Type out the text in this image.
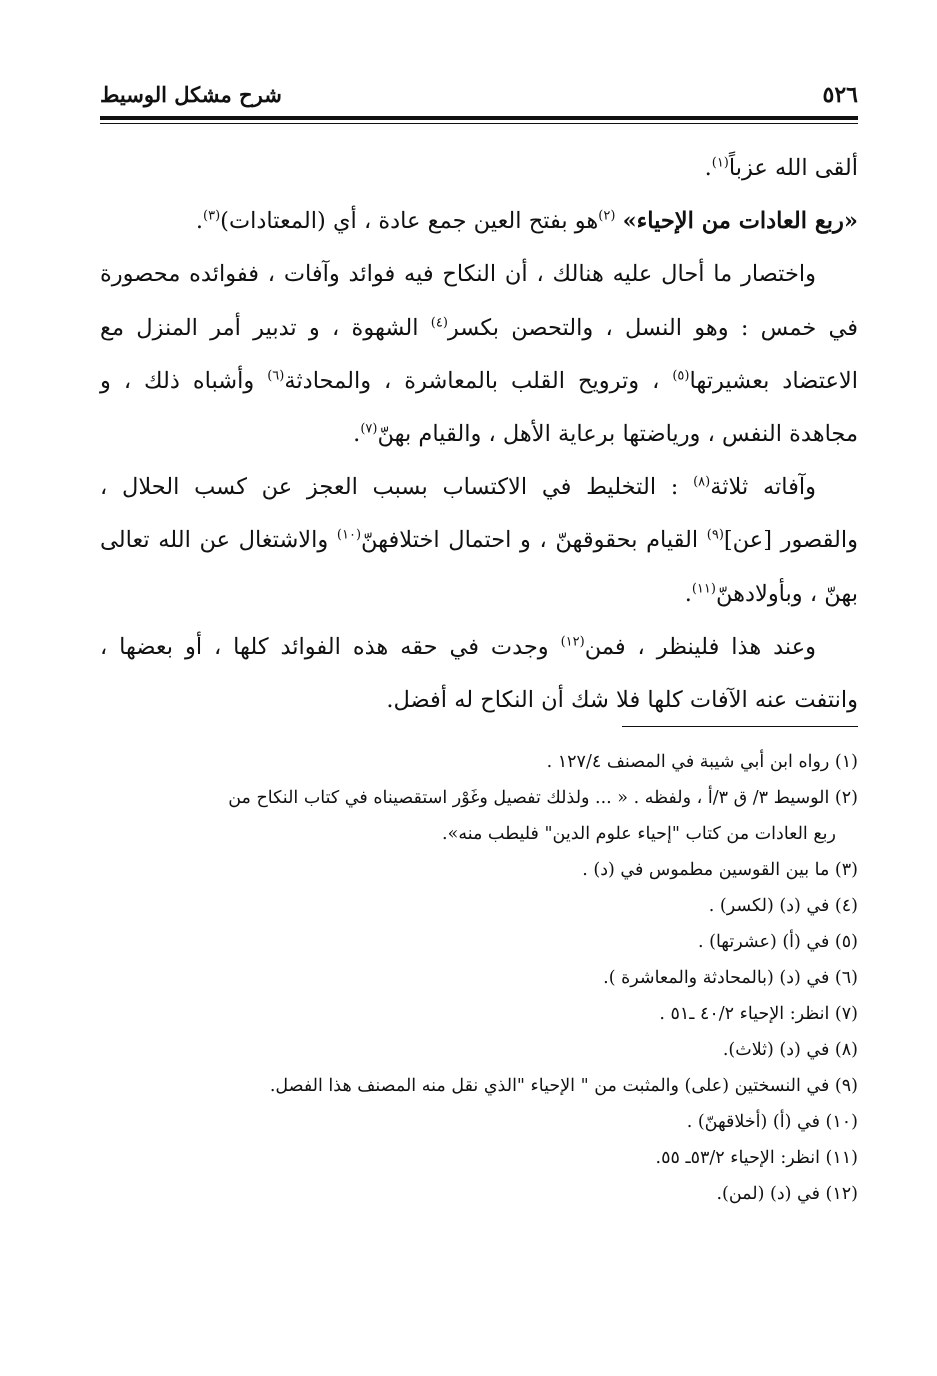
٥٢٦
شرح مشكل الوسيط

ألقى الله عزباً$^{(١)}$.

«ربع العادات من الإحياء» $^{(٢)}$هو بفتح العين جمع عادة ، أي (المعتادات)$^{(٣)}$.

واختصار ما أحال عليه هنالك ، أن النكاح فيه فوائد وآفات ، ففوائده محصورة في خمس : وهو النسل ، والتحصن بكسر$^{(٤)}$ الشهوة ، و تدبير أمر المنزل مع الاعتضاد بعشيرتها$^{(٥)}$ ، وترويح القلب بالمعاشرة ، والمحادثة$^{(٦)}$ وأشباه ذلك ، و مجاهدة النفس ، ورياضتها برعاية الأهل ، والقيام بهنّ$^{(٧)}$.

وآفاته ثلاثة$^{(٨)}$ : التخليط في الاكتساب بسبب العجز عن كسب الحلال ، والقصور [عن]$^{(٩)}$ القيام بحقوقهنّ ، و احتمال اختلافهنّ$^{(١٠)}$ والاشتغال عن الله تعالى بهنّ ، وبأولادهنّ$^{(١١)}$.

وعند هذا فلينظر ، فمن$^{(١٢)}$ وجدت في حقه هذه الفوائد كلها ، أو بعضها ، وانتفت عنه الآفات كلها فلا شك أن النكاح له أفضل.

(١) رواه ابن أبي شيبة في المصنف ١٢٧/٤ .

(٢) الوسيط ٣/ ق ٣/أ ، ولفظه . « ... ولذلك تفصيل وغَوْر استقصيناه في كتاب النكاح من

ربع العادات من كتاب "إحياء علوم الدين" فليطب منه».

(٣) ما بين القوسين مطموس في (د) .

(٤) في (د) (لكسر) .

(٥) في (أ) (عشرتها) .

(٦) في (د) (بالمحادثة والمعاشرة ).

(٧) انظر: الإحياء ٤٠/٢ ـ٥١ .

(٨) في (د) (ثلاث).

(٩) في النسختين (على) والمثبت من " الإحياء "الذي نقل منه المصنف هذا الفصل.

(١٠) في (أ) (أخلاقهنّ) .

(١١) انظر: الإحياء ٥٣/٢ـ ٥٥.

(١٢) في (د) (لمن).
